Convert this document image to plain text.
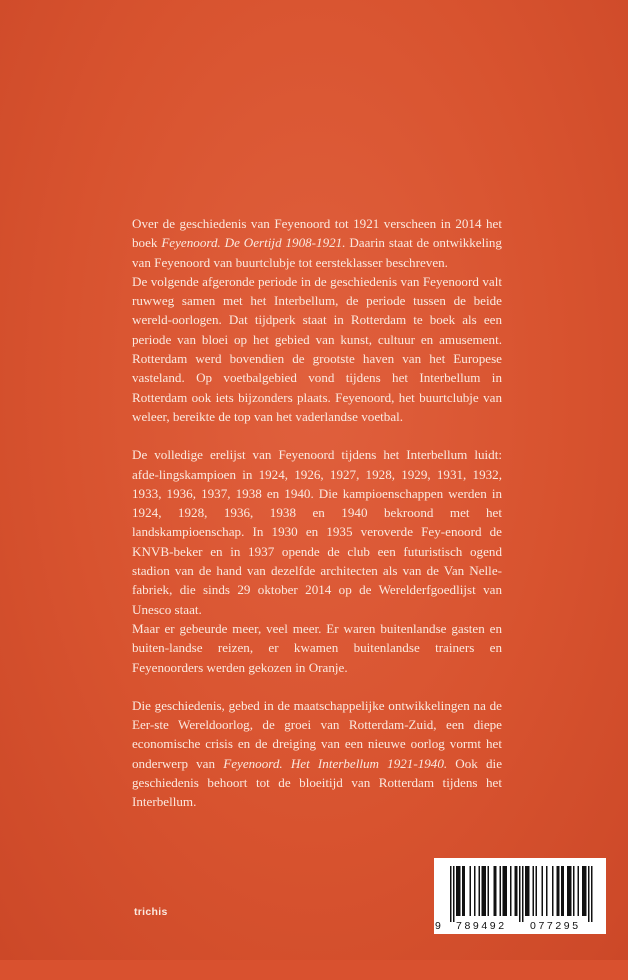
Over de geschiedenis van Feyenoord tot 1921 verscheen in 2014 het boek Feyenoord. De Oertijd 1908-1921. Daarin staat de ontwikkeling van Feyenoord van buurtclubje tot eersteklasser beschreven.

De volgende afgeronde periode in de geschiedenis van Feyenoord valt ruwweg samen met het Interbellum, de periode tussen de beide wereld-oorlogen. Dat tijdperk staat in Rotterdam te boek als een periode van bloei op het gebied van kunst, cultuur en amusement. Rotterdam werd bovendien de grootste haven van het Europese vasteland. Op voetbalgebied vond tijdens het Interbellum in Rotterdam ook iets bijzonders plaats. Feyenoord, het buurtclubje van weleer, bereikte de top van het vaderlandse voetbal.

De volledige erelijst van Feyenoord tijdens het Interbellum luidt: afde-lingskampioen in 1924, 1926, 1927, 1928, 1929, 1931, 1932, 1933, 1936, 1937, 1938 en 1940. Die kampioenschappen werden in 1924, 1928, 1936, 1938 en 1940 bekroond met het landskampioenschap. In 1930 en 1935 veroverde Fey-enoord de KNVB-beker en in 1937 opende de club een futuristisch ogend stadion van de hand van dezelfde architecten als van de Van Nelle-fabriek, die sinds 29 oktober 2014 op de Werelderfgoedlijst van Unesco staat.

Maar er gebeurde meer, veel meer. Er waren buitenlandse gasten en buiten-landse reizen, er kwamen buitenlandse trainers en Feyenoorders werden gekozen in Oranje.

Die geschiedenis, gebed in de maatschappelijke ontwikkelingen na de Eer-ste Wereldoorlog, de groei van Rotterdam-Zuid, een diepe economische crisis en de dreiging van een nieuwe oorlog vormt het onderwerp van Feyenoord. Het Interbellum 1921-1940. Ook die geschiedenis behoort tot de bloeitijd van Rotterdam tijdens het Interbellum.

trichis

9

789492

077295
